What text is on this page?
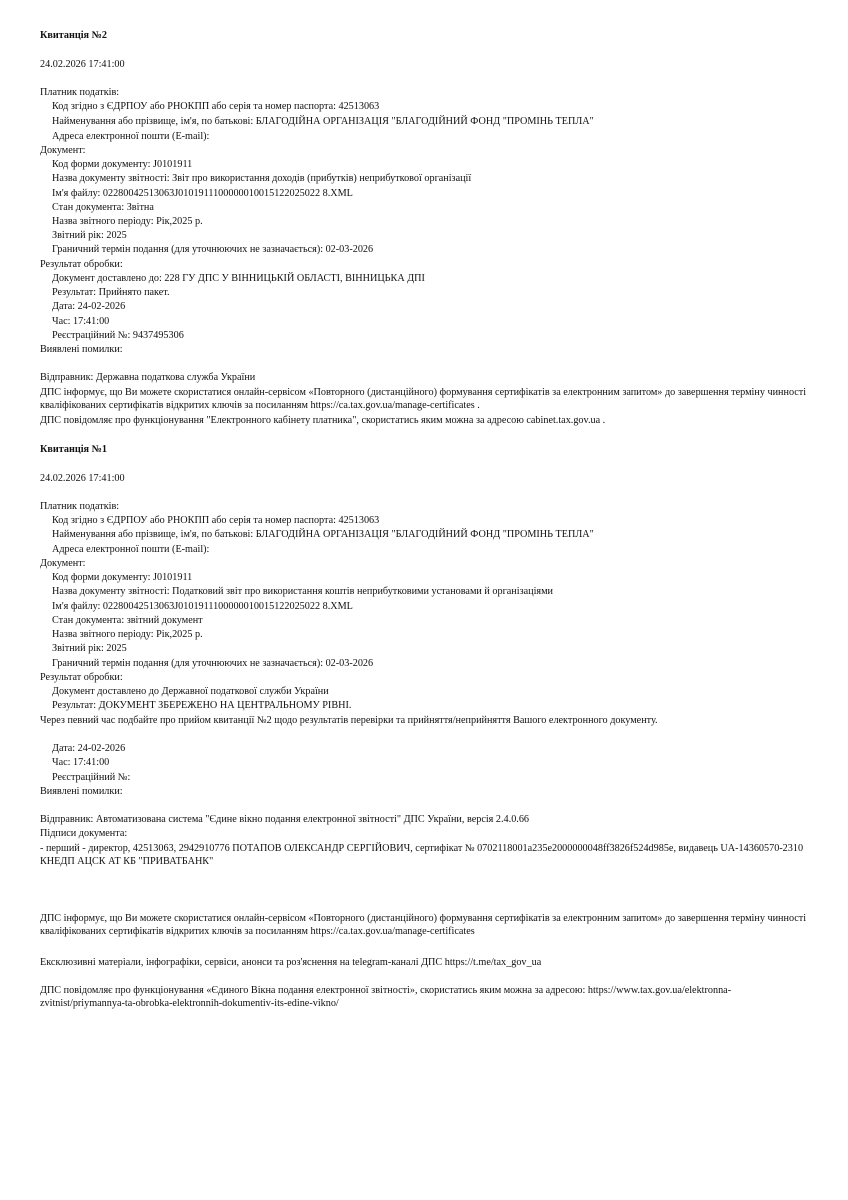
Квитанція №2
24.02.2026 17:41:00
Платник податків:
Код згідно з ЄДРПОУ або РНОКПП або серія та номер паспорта: 42513063
Найменування або прізвище, ім'я, по батькові: БЛАГОДІЙНА ОРГАНІЗАЦІЯ "БЛАГОДІЙНИЙ ФОНД "ПРОМІНЬ ТЕПЛА"
Адреса електронної пошти (E-mail):
Документ:
Код форми документу: J0101911
Назва документу звітності: Звіт про використання доходів (прибутків) неприбуткової організації
Ім'я файлу: 02280042513063J0101911100000010015122025022 8.XML
Стан документа: Звітна
Назва звітного періоду: Рік,2025 р.
Звітний рік: 2025
Граничний термін подання (для уточнюючих не зазначається): 02-03-2026
Результат обробки:
Документ доставлено до: 228 ГУ ДПС У ВІННИЦЬКІЙ ОБЛАСТІ, ВІННИЦЬКА ДПІ
Результат: Прийнято пакет.
Дата: 24-02-2026
Час: 17:41:00
Реєстраційний №: 9437495306
Виявлені помилки:
Відправник: Державна податкова служба України
ДПС інформує, що Ви можете скористатися онлайн-сервісом «Повторного (дистанційного) формування сертифікатів за електронним запитом» до завершення терміну чинності кваліфікованих сертифікатів відкритих ключів за посиланням https://ca.tax.gov.ua/manage-certificates .
ДПС повідомляє про функціонування "Електронного кабінету платника", скористатись яким можна за адресою cabinet.tax.gov.ua .
Квитанція №1
24.02.2026 17:41:00
Платник податків:
Код згідно з ЄДРПОУ або РНОКПП або серія та номер паспорта: 42513063
Найменування або прізвище, ім'я, по батькові: БЛАГОДІЙНА ОРГАНІЗАЦІЯ "БЛАГОДІЙНИЙ ФОНД "ПРОМІНЬ ТЕПЛА"
Адреса електронної пошти (E-mail):
Документ:
Код форми документу: J0101911
Назва документу звітності: Податковий звіт про використання коштів неприбутковими установами й організаціями
Ім'я файлу: 02280042513063J0101911100000010015122025022 8.XML
Стан документа: звітний документ
Назва звітного періоду: Рік,2025 р.
Звітний рік: 2025
Граничний термін подання (для уточнюючих не зазначається): 02-03-2026
Результат обробки:
Документ доставлено до Державної податкової служби України
Результат: ДОКУМЕНТ ЗБЕРЕЖЕНО НА ЦЕНТРАЛЬНОМУ РІВНІ.
Через певний час подбайте про прийом квитанції №2 щодо результатів перевірки та прийняття/неприйняття Вашого електронного документу.
Дата: 24-02-2026
Час: 17:41:00
Реєстраційний №:
Виявлені помилки:
Відправник: Автоматизована система "Єдине вікно подання електронної звітності" ДПС України, версія 2.4.0.66
Підписи документа:
- перший - директор, 42513063, 2942910776 ПОТАПОВ ОЛЕКСАНДР СЕРГІЙОВИЧ, сертифікат № 0702118001a235e2000000048ff3826f524d985e, видавець UA-14360570-2310 КНЕДП АЦСК АТ КБ "ПРИВАТБАНК"
ДПС інформує, що Ви можете скористатися онлайн-сервісом «Повторного (дистанційного) формування сертифікатів за електронним запитом» до завершення терміну чинності кваліфікованих сертифікатів відкритих ключів за посиланням https://ca.tax.gov.ua/manage-certificates
Ексклюзивні матеріали, інфографіки, сервіси, анонси та роз'яснення на telegram-каналі ДПС https://t.me/tax_gov_ua
ДПС повідомляє про функціонування «Єдиного Вікна подання електронної звітності», скористатись яким можна за адресою: https://www.tax.gov.ua/elektronna-zvitnist/priymannya-ta-obrobka-elektronnih-dokumentiv-its-edine-vikno/
